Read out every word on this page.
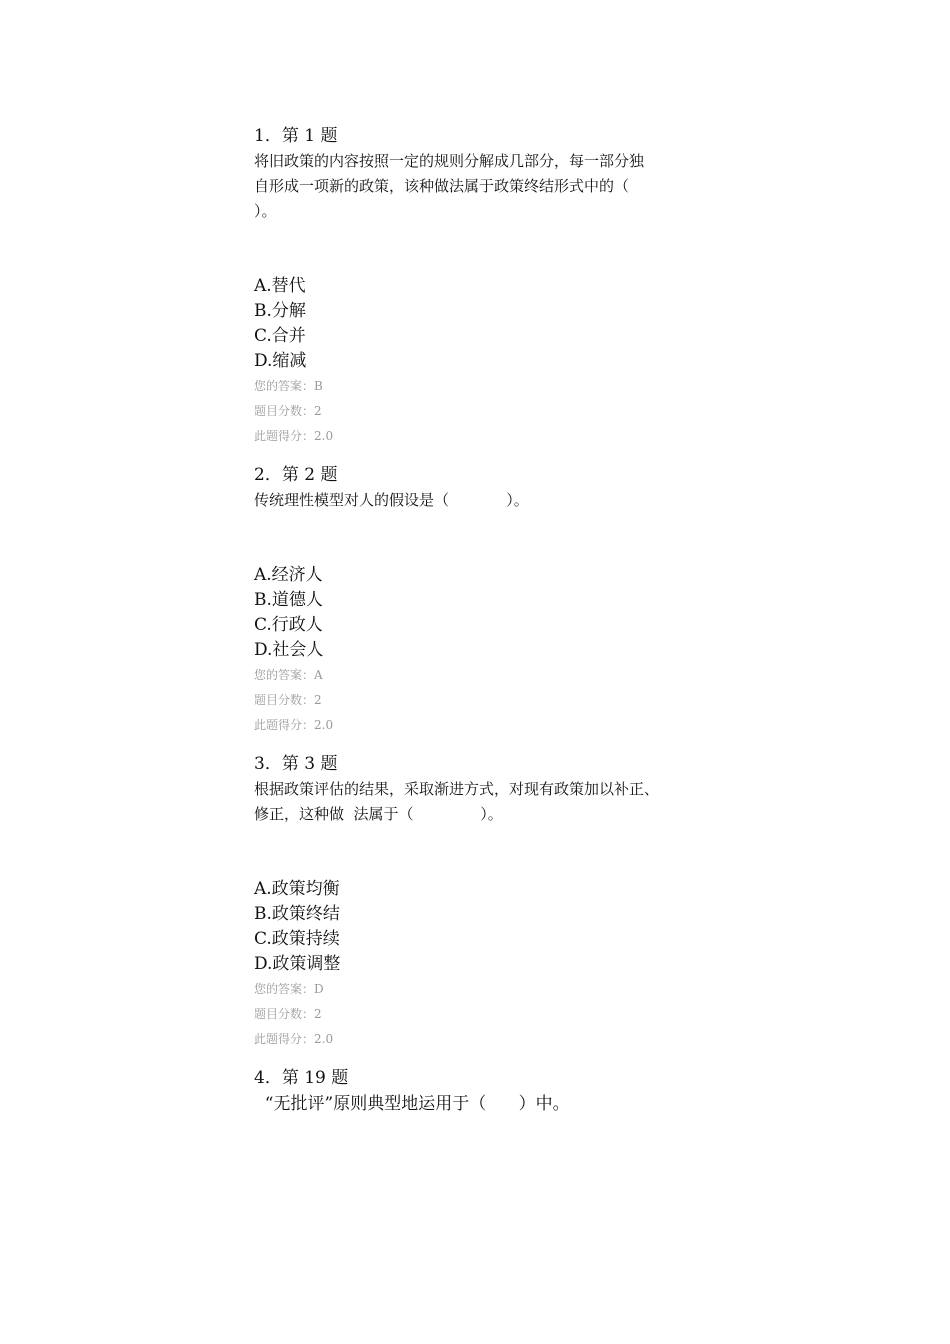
1．第 1 题
将旧政策的内容按照一定的规则分解成几部分，每一部分独
自形成一项新的政策，该种做法属于政策终结形式中的（
）。
A.替代
B.分解
C.合并
D.缩减
您的答案：B
题目分数：2
此题得分：2.0
2．第 2 题
传统理性模型对人的假设是（            ）。
A.经济人
B.道德人
C.行政人
D.社会人
您的答案：A
题目分数：2
此题得分：2.0
3．第 3 题
根据政策评估的结果，采取渐进方式，对现有政策加以补正、
修正，这种做  法属于（              ）。
A.政策均衡
B.政策终结
C.政策持续
D.政策调整
您的答案：D
题目分数：2
此题得分：2.0
4．第 19 题
“无批评”原则典型地运用于（      ）中。
